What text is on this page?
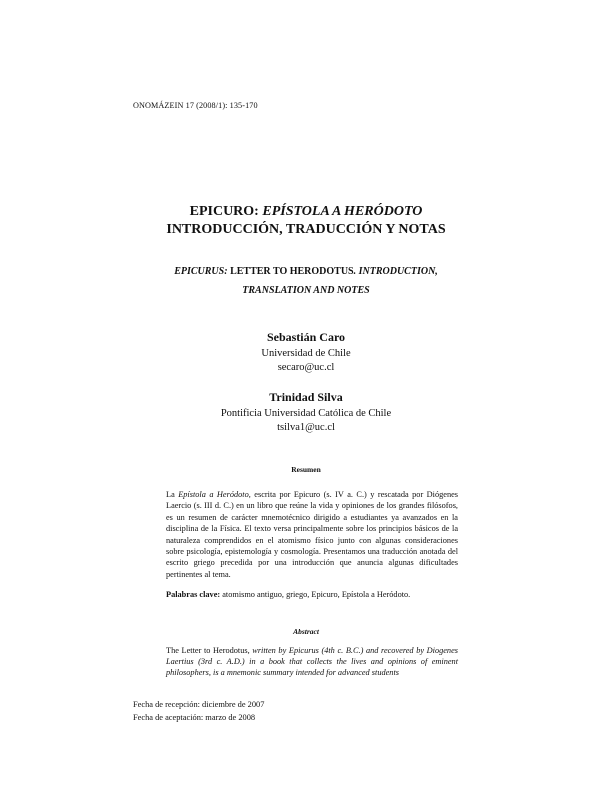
ONOMÁZEIN 17 (2008/1): 135-170
EPICURO: EPÍSTOLA A HERÓDOTO
INTRODUCCIÓN, TRADUCCIÓN Y NOTAS
EPICURUS: LETTER TO HERODOTUS. INTRODUCTION,
TRANSLATION AND NOTES
Sebastián Caro
Universidad de Chile
secaro@uc.cl
Trinidad Silva
Pontificia Universidad Católica de Chile
tsilva1@uc.cl
Resumen
La Epístola a Heródoto, escrita por Epicuro (s. IV a. C.) y rescatada por Diógenes Laercio (s. III d. C.) en un libro que reúne la vida y opiniones de los grandes filósofos, es un resumen de carácter mnemotécnico dirigido a estudiantes ya avanzados en la disciplina de la Física. El texto versa principalmente sobre los principios básicos de la naturaleza comprendidos en el atomismo físico junto con algunas consideraciones sobre psicología, epistemología y cosmología. Presentamos una traducción anotada del escrito griego precedida por una introducción que anuncia algunas dificultades pertinentes al tema.
Palabras clave: atomismo antiguo, griego, Epicuro, Epístola a Heródoto.
Abstract
The Letter to Herodotus, written by Epicurus (4th c. B.C.) and recovered by Diogenes Laertius (3rd c. A.D.) in a book that collects the lives and opinions of eminent philosophers, is a mnemonic summary intended for advanced students
Fecha de recepción: diciembre de 2007
Fecha de aceptación: marzo de 2008
